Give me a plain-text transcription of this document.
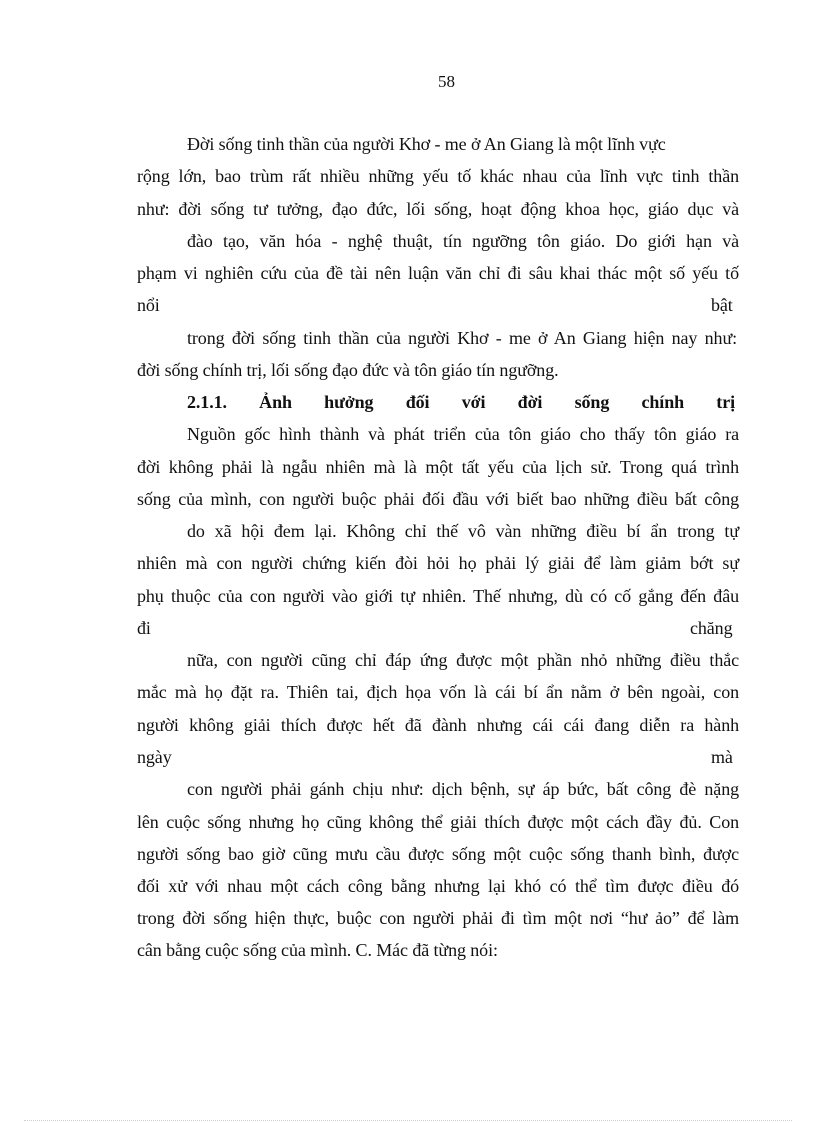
58
Đời sống tinh thần của người Khơ - me ở An Giang là một lĩnh vực
rộng lớn, bao trùm rất nhiều những yếu tố khác nhau của lĩnh vực tinh thần
như: đời sống tư tưởng, đạo đức, lối sống, hoạt động khoa học, giáo dục và
đào tạo, văn hóa - nghệ thuật, tín ngưỡng tôn giáo. Do giới hạn và
phạm vi nghiên cứu của đề tài nên luận văn chỉ đi sâu khai thác một số yếu tố
nổi	bật
trong đời sống tinh thần của người Khơ - me ở An Giang hiện nay như:
đời sống chính trị, lối sống đạo đức và tôn giáo tín ngưỡng.
2.1.1. Ảnh hưởng đối với đời sống chính trị
Nguồn gốc hình thành và phát triển của tôn giáo cho thấy tôn giáo ra
đời không phải là ngẫu nhiên mà là một tất yếu của lịch sử. Trong quá trình
sống của mình, con người buộc phải đối đầu với biết bao những điều bất công
do xã hội đem lại. Không chỉ thế vô vàn những điều bí ẩn trong tự
nhiên mà con người chứng kiến đòi hỏi họ phải lý giải để làm giảm bớt sự
phụ thuộc của con người vào giới tự nhiên. Thế nhưng, dù có cố gắng đến đâu
đi	chăng
nữa, con người cũng chỉ đáp ứng được một phần nhỏ những điều thắc
mắc mà họ đặt ra. Thiên tai, địch họa vốn là cái bí ẩn nằm ở bên ngoài, con
người không giải thích được hết đã đành nhưng cái cái đang diễn ra hành
ngày	mà
con người phải gánh chịu như: dịch bệnh, sự áp bức, bất công đè nặng
lên cuộc sống nhưng họ cũng không thể giải thích được một cách đầy đủ. Con
người sống bao giờ cũng mưu cầu được sống một cuộc sống thanh bình, được
đối xử với nhau một cách công bằng nhưng lại khó có thể tìm được điều đó
trong đời sống hiện thực, buộc con người phải đi tìm một nơi “hư ảo” để làm
cân bằng cuộc sống của mình. C. Mác đã từng nói:
